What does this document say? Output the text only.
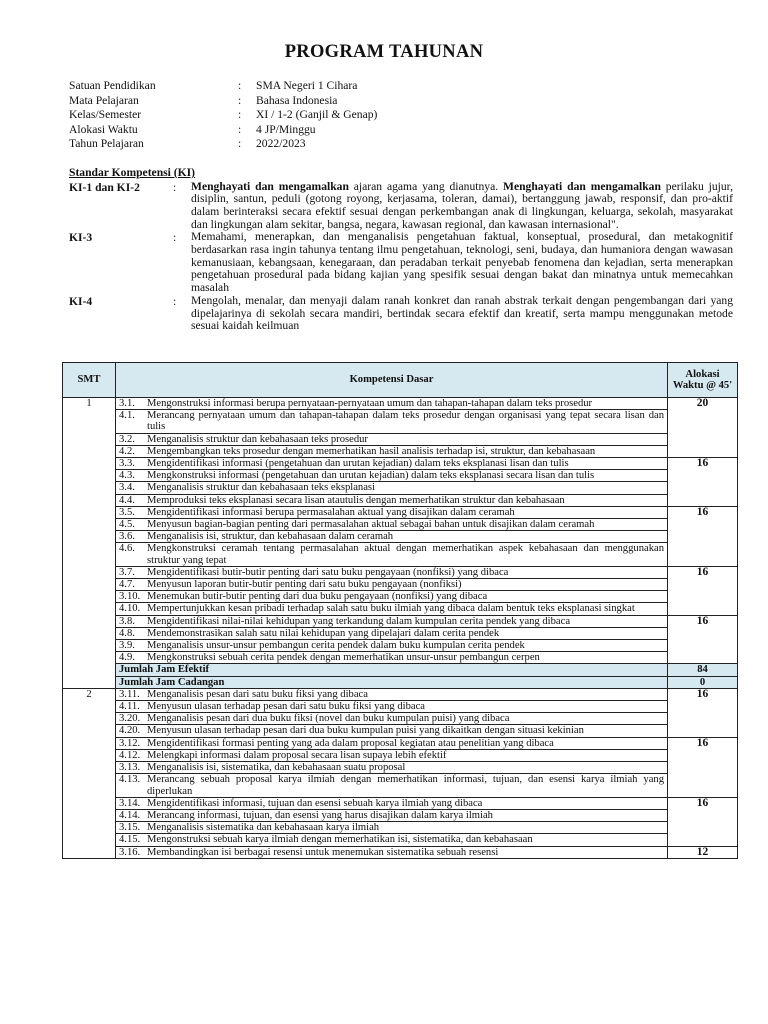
PROGRAM TAHUNAN
Satuan Pendidikan	: SMA Negeri 1 Cihara
Mata Pelajaran	: Bahasa Indonesia
Kelas/Semester	: XI / 1-2 (Ganjil & Genap)
Alokasi Waktu	: 4 JP/Minggu
Tahun Pelajaran	: 2022/2023
Standar Kompetensi (KI)
KI-1 dan KI-2	: Menghayati dan mengamalkan ajaran agama yang dianutnya. Menghayati dan mengamalkan perilaku jujur, disiplin, santun, peduli (gotong royong, kerjasama, toleran, damai), bertanggung jawab, responsif, dan pro-aktif dalam berinteraksi secara efektif sesuai dengan perkembangan anak di lingkungan, keluarga, sekolah, masyarakat dan lingkungan alam sekitar, bangsa, negara, kawasan regional, dan kawasan internasional".
KI-3	: Memahami, menerapkan, dan menganalisis pengetahuan faktual, konseptual, prosedural, dan metakognitif berdasarkan rasa ingin tahunya tentang ilmu pengetahuan, teknologi, seni, budaya, dan humaniora dengan wawasan kemanusiaan, kebangsaan, kenegaraan, dan peradaban terkait penyebab fenomena dan kejadian, serta menerapkan pengetahuan prosedural pada bidang kajian yang spesifik sesuai dengan bakat dan minatnya untuk memecahkan masalah
KI-4	: Mengolah, menalar, dan menyaji dalam ranah konkret dan ranah abstrak terkait dengan pengembangan dari yang dipelajarinya di sekolah secara mandiri, bertindak secara efektif dan kreatif, serta mampu menggunakan metode sesuai kaidah keilmuan
SMT	Kompetensi Dasar	Alokasi Waktu @ 45'
1	3.1. Mengonstruksi informasi berupa pernyataan-pernyataan umum dan tahapan-tahapan dalam teks prosedur	20

	4.1. Merancang pernyataan umum dan tahapan-tahapan dalam teks prosedur dengan organisasi yang tepat secara lisan dan tulis	

	3.2. Menganalisis struktur dan kebahasaan teks prosedur	

	4.2. Mengembangkan teks prosedur dengan memerhatikan hasil analisis terhadap isi, struktur, dan kebahasaan	

	3.3. Mengidentifikasi informasi (pengetahuan dan urutan kejadian) dalam teks eksplanasi lisan dan tulis	16

	4.3. Mengkonstruksi informasi (pengetahuan dan urutan kejadian) dalam teks eksplanasi secara lisan dan tulis	

	3.4. Menganalisis struktur dan kebahasaan teks eksplanasi	

	4.4. Memproduksi teks eksplanasi secara lisan atautulis dengan memerhatikan struktur dan kebahasaan	

	3.5. Mengidentifikasi informasi berupa permasalahan aktual yang disajikan dalam ceramah	16

	4.5. Menyusun bagian-bagian penting dari permasalahan aktual sebagai bahan untuk disajikan dalam ceramah	

	3.6. Menganalisis isi, struktur, dan kebahasaan dalam ceramah	

	4.6. Mengkonstruksi ceramah tentang permasalahan aktual dengan memerhatikan aspek kebahasaan dan menggunakan struktur yang tepat	

	3.7. Mengidentifikasi butir-butir penting dari satu buku pengayaan (nonfiksi) yang dibaca	16

	4.7. Menyusun laporan butir-butir penting dari satu buku pengayaan (nonfiksi)	

	3.10. Menemukan butir-butir penting dari dua buku pengayaan (nonfiksi) yang dibaca	

	4.10. Mempertunjukkan kesan pribadi terhadap salah satu buku ilmiah yang dibaca dalam bentuk teks eksplanasi singkat	

	3.8. Mengidentifikasi nilai-nilai kehidupan yang terkandung dalam kumpulan cerita pendek yang dibaca	16

	4.8. Mendemonstrasikan salah satu nilai kehidupan yang dipelajari dalam cerita pendek	

	3.9. Menganalisis unsur-unsur pembangun cerita pendek dalam buku kumpulan cerita pendek	

	4.9. Mengkonstruksi sebuah cerita pendek dengan memerhatikan unsur-unsur pembangun cerpen	

	Jumlah Jam Efektif	84
	Jumlah Jam Cadangan	0
2	3.11. Menganalisis pesan dari satu buku fiksi yang dibaca	16

	4.11. Menyusun ulasan terhadap pesan dari satu buku fiksi yang dibaca	

	3.20. Menganalisis pesan dari dua buku fiksi (novel dan buku kumpulan puisi) yang dibaca	

	4.20. Menyusun ulasan terhadap pesan dari dua buku kumpulan puisi yang dikaitkan dengan situasi kekinian	

	3.12. Mengidentifikasi formasi penting yang ada dalam proposal kegiatan atau penelitian yang dibaca	16

	4.12. Melengkapi informasi dalam proposal secara lisan supaya lebih efektif	

	3.13. Menganalisis isi, sistematika, dan kebahasaan suatu proposal	

	4.13. Merancang sebuah proposal karya ilmiah dengan memerhatikan informasi, tujuan, dan esensi karya ilmiah yang diperlukan	

	3.14. Mengidentifikasi informasi, tujuan dan esensi sebuah karya ilmiah yang dibaca	16

	4.14. Merancang informasi, tujuan, dan esensi yang harus disajikan dalam karya ilmiah	

	3.15. Menganalisis sistematika dan kebahasaan karya ilmiah	

	4.15. Mengonstruksi sebuah karya ilmiah dengan memerhatikan isi, sistematika, dan kebahasaan	

	3.16. Membandingkan isi berbagai resensi untuk menemukan sistematika sebuah resensi	12
